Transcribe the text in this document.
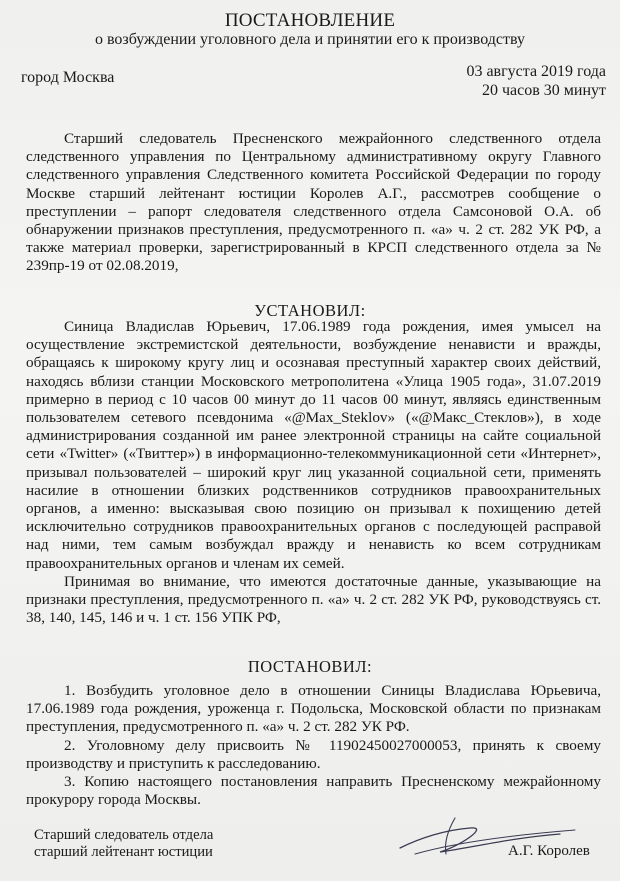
ПОСТАНОВЛЕНИЕ
о возбуждении уголовного дела и принятии его к производству
город Москва	03 августа 2019 года
20 часов 30 минут

Старший следователь Пресненского межрайонного следственного отдела следственного управления по Центральному административному округу Главного следственного управления Следственного комитета Российской Федерации по городу Москве старший лейтенант юстиции Королев А.Г., рассмотрев сообщение о преступлении – рапорт следователя следственного отдела Самсоновой О.А. об обнаружении признаков преступления, предусмотренного п. «а» ч. 2 ст. 282 УК РФ, а также материал проверки, зарегистрированный в КРСП следственного отдела за № 239пр-19 от 02.08.2019,

УСТАНОВИЛ:

Синица Владислав Юрьевич, 17.06.1989 года рождения, имея умысел на осуществление экстремистской деятельности, возбуждение ненависти и вражды, обращаясь к широкому кругу лиц и осознавая преступный характер своих действий, находясь вблизи станции Московского метрополитена «Улица 1905 года», 31.07.2019 примерно в период с 10 часов 00 минут до 11 часов 00 минут, являясь единственным пользователем сетевого псевдонима «@Max_Steklov» («@Макс_Стеклов»), в ходе администрирования созданной им ранее электронной страницы на сайте социальной сети «Twitter» («Твиттер») в информационно-телекоммуникационной сети «Интернет», призывал пользователей – широкий круг лиц указанной социальной сети, применять насилие в отношении близких родственников сотрудников правоохранительных органов, а именно: высказывая свою позицию он призывал к похищению детей исключительно сотрудников правоохранительных органов с последующей расправой над ними, тем самым возбуждал вражду и ненависть ко всем сотрудникам правоохранительных органов и членам их семей.

Принимая во внимание, что имеются достаточные данные, указывающие на признаки преступления, предусмотренного п. «а» ч. 2 ст. 282 УК РФ, руководствуясь ст. 38, 140, 145, 146 и ч. 1 ст. 156 УПК РФ,

ПОСТАНОВИЛ:

1. Возбудить уголовное дело в отношении Синицы Владислава Юрьевича, 17.06.1989 года рождения, уроженца г. Подольска, Московской области по признакам преступления, предусмотренного п. «а» ч. 2 ст. 282 УК РФ.

2. Уголовному делу присвоить № 11902450027000053, принять к своему производству и приступить к расследованию.

3. Копию настоящего постановления направить Пресненскому межрайонному прокурору города Москвы.

Старший следователь отдела
старший лейтенант юстиции	А.Г. Королев
